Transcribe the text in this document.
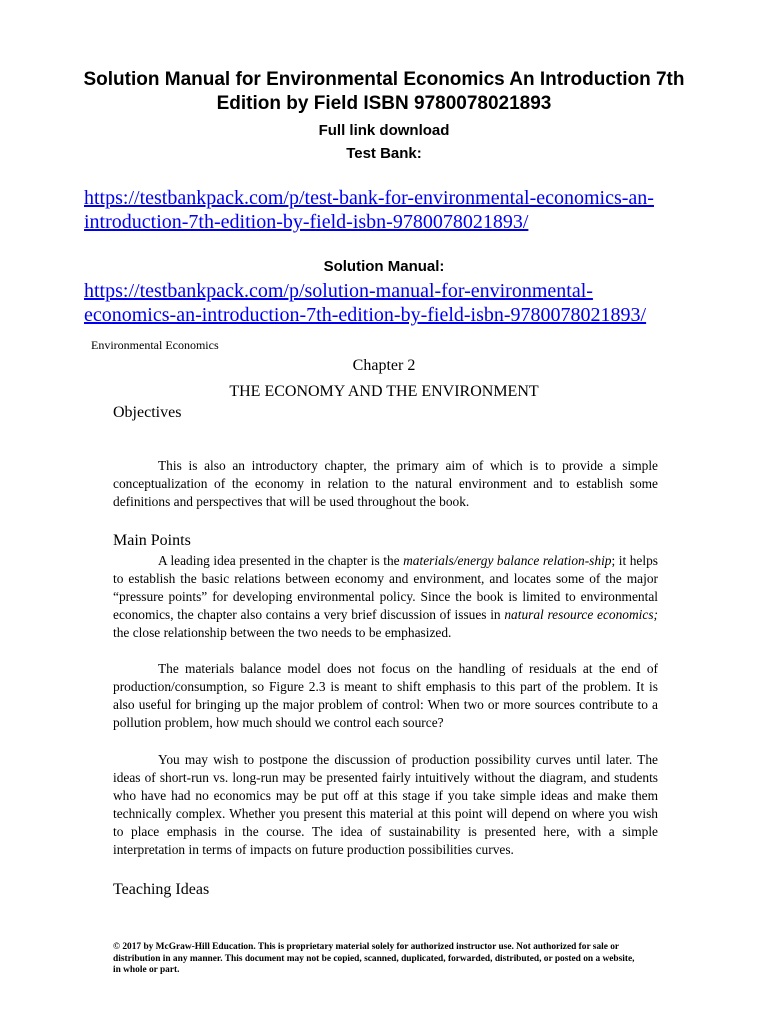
Solution Manual for Environmental Economics An Introduction 7th
Edition by Field ISBN 9780078021893
Full link download
Test Bank:
https://testbankpack.com/p/test-bank-for-environmental-economics-an-
introduction-7th-edition-by-field-isbn-9780078021893/
Solution Manual:
https://testbankpack.com/p/solution-manual-for-environmental-
economics-an-introduction-7th-edition-by-field-isbn-9780078021893/
Environmental Economics
Chapter 2
THE ECONOMY AND THE ENVIRONMENT
Objectives
This is also an introductory chapter, the primary aim of which is to provide a simple conceptualization of the economy in relation to the natural environment and to establish some definitions and perspectives that will be used throughout the book.
Main Points
A leading idea presented in the chapter is the materials/energy balance relation-ship; it helps to establish the basic relations between economy and environment, and locates some of the major “pressure points” for developing environmental policy. Since the book is limited to environmental economics, the chapter also contains a very brief discussion of issues in natural resource economics; the close relationship between the two needs to be emphasized.
The materials balance model does not focus on the handling of residuals at the end of production/consumption, so Figure 2.3 is meant to shift emphasis to this part of the problem. It is also useful for bringing up the major problem of control: When two or more sources contribute to a pollution problem, how much should we control each source?
You may wish to postpone the discussion of production possibility curves until later. The ideas of short-run vs. long-run may be presented fairly intuitively without the diagram, and students who have had no economics may be put off at this stage if you take simple ideas and make them technically complex. Whether you present this material at this point will depend on where you wish to place emphasis in the course. The idea of sustainability is presented here, with a simple interpretation in terms of impacts on future production possibilities curves.
Teaching Ideas
© 2017 by McGraw-Hill Education. This is proprietary material solely for authorized instructor use. Not authorized for sale or distribution in any manner. This document may not be copied, scanned, duplicated, forwarded, distributed, or posted on a website, in whole or part.
